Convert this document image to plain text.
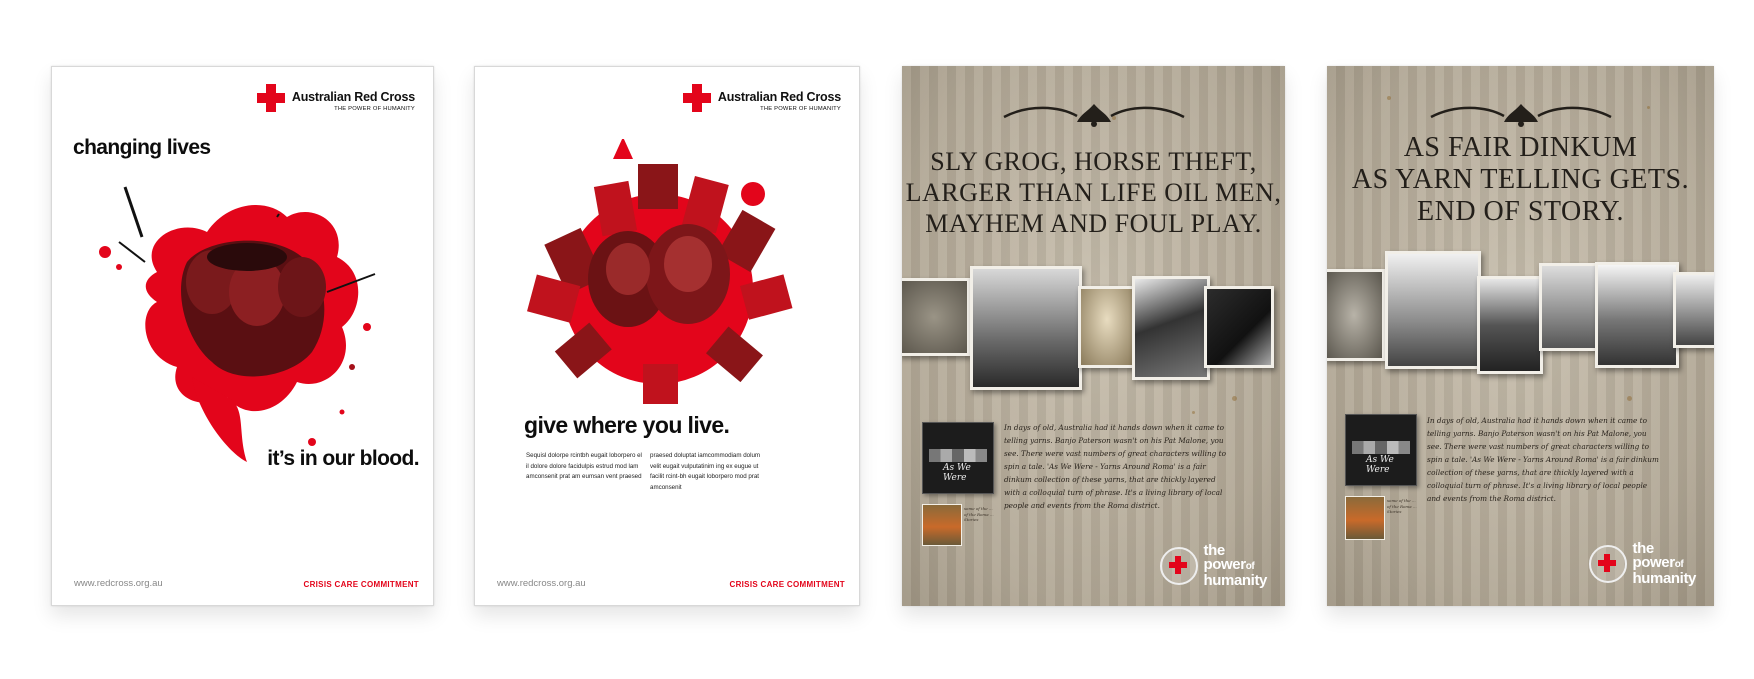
Australian Red Cross
THE POWER OF HUMANITY
changing lives
it’s in our blood.
www.redcross.org.au	CRISIS CARE COMMITMENT
Australian Red Cross
THE POWER OF HUMANITY
give where you live.
Sequisl dolorpe rcintbh eugait loborpero el il dolore dolore facidulpis estrud mod lam amconsenit prat am eumsan vent praesed
praesed doluptat iamcommodiam dolum velit eugait vulputatinim ing ex eugue ut facilit rcint-bh eugait loborpero mod prat amconsenit
www.redcross.org.au	CRISIS CARE COMMITMENT
SLY GROG, HORSE THEFT,
LARGER THAN LIFE OIL MEN,
MAYHEM AND FOUL PLAY.
As We Were
some of the ... of the Roma ... Stories
In days of old, Australia had it hands down when it came to telling yarns. Banjo Paterson wasn't on his Pat Malone, you see. There were vast numbers of great characters willing to spin a tale. 'As We Were - Yarns Around Roma' is a fair dinkum collection of these yarns, that are thickly layered with a colloquial turn of phrase. It's a living library of local people and events from the Roma district.
the
powerof
humanity
AS FAIR DINKUM
AS YARN TELLING GETS.
END OF STORY.
As We Were
some of the ... of the Roma ... Stories
In days of old, Australia had it hands down when it came to telling yarns. Banjo Paterson wasn't on his Pat Malone, you see. There were vast numbers of great characters willing to spin a tale. 'As We Were - Yarns Around Roma' is a fair dinkum collection of these yarns, that are thickly layered with a colloquial turn of phrase. It's a living library of local people and events from the Roma district.
the
powerof
humanity
